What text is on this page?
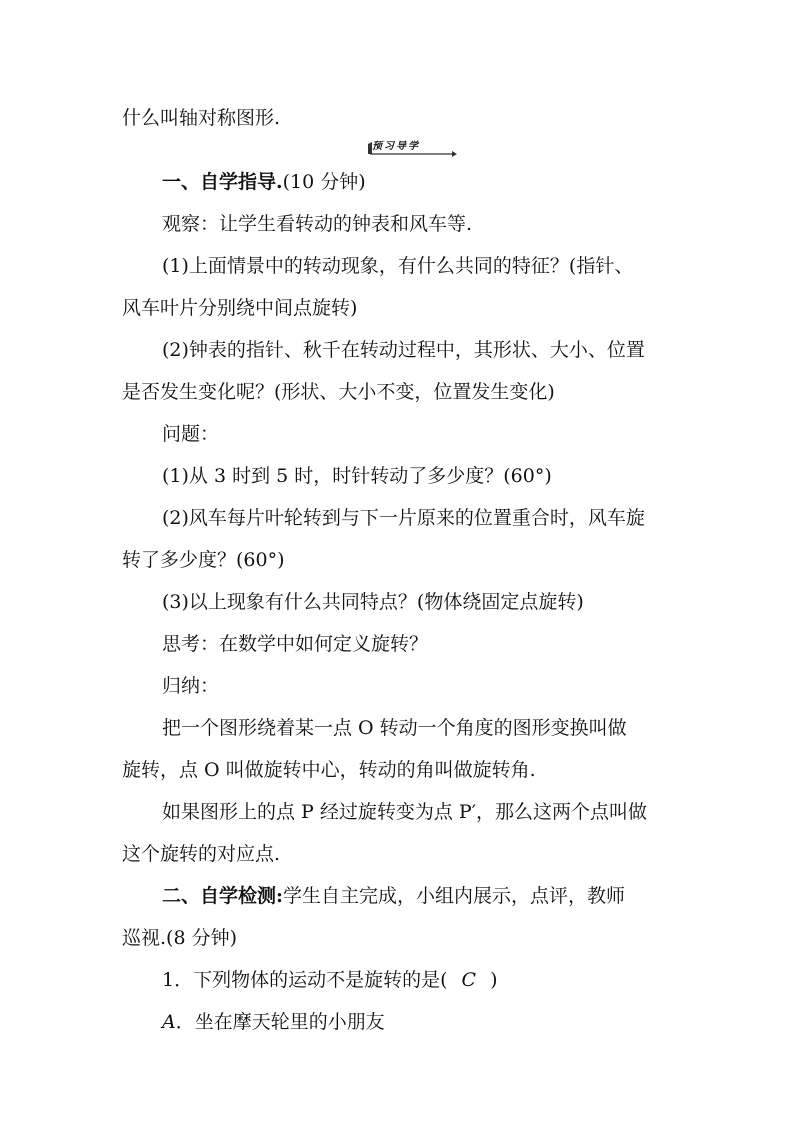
什么叫轴对称图形.
预习导学
一、自学指导.(10 分钟)
观察：让学生看转动的钟表和风车等.
(1)上面情景中的转动现象，有什么共同的特征？(指针、
风车叶片分别绕中间点旋转)
(2)钟表的指针、秋千在转动过程中，其形状、大小、位置
是否发生变化呢？(形状、大小不变，位置发生变化)
问题：
(1)从 3 时到 5 时，时针转动了多少度？(60°)
(2)风车每片叶轮转到与下一片原来的位置重合时，风车旋
转了多少度？(60°)
(3)以上现象有什么共同特点？(物体绕固定点旋转)
思考：在数学中如何定义旋转？
归纳：
把一个图形绕着某一点 O 转动一个角度的图形变换叫做
旋转，点 O 叫做旋转中心，转动的角叫做旋转角.
如果图形上的点 P 经过旋转变为点 P′，那么这两个点叫做
这个旋转的对应点.
二、自学检测:学生自主完成，小组内展示，点评，教师
巡视.(8 分钟)
1．下列物体的运动不是旋转的是( C )
A．坐在摩天轮里的小朋友
